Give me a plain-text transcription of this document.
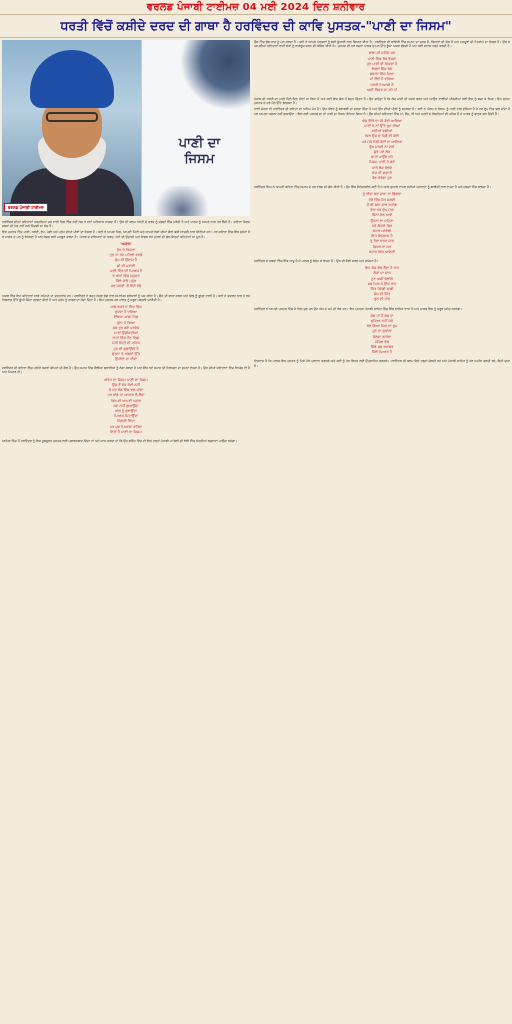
ਵਰਲਡ ਪੰਜਾਬੀ ਟਾਈਮਜ਼ 04 ਮਈ 2024 ਦਿਨ ਸ਼ਨੀਵਾਰ
ਧਰਤੀ ਵਿੱਚੋਂ ਕਸ਼ੀਦੇ ਦਰਦ ਦੀ ਗਾਥਾ ਹੈ ਹਰਵਿੰਦਰ ਦੀ ਕਾਵਿ ਪੁਸਤਕ-"ਪਾਣੀ ਦਾ ਜਿਸਮ"
ਵਰਲਡ ਪੰਜਾਬੀ ਟਾਈਮਜ਼
ਪਾਣੀ ਦਾ
ਜਿਸਮ

ਹਰਵਿੰਦਰ ਦੀਆਂ ਕਵਿਤਾਵਾਂ ਪੜ੍ਹਦਿਆਂ ਹਰ ਵਾਰੀ ਦਿਲ ਵਿੱਚ ਨਵੀਂ ਸੋਚ ਤੇ ਨਵਾਂ ਅਹਿਸਾਸ ਜਾਗਦਾ ਹੈ। ਉਸ ਦੀ ਕਲਮ ਧਰਤੀ ਦੇ ਦਰਦ ਨੂੰ ਸ਼ਬਦਾਂ ਵਿੱਚ ਪਰੋਂਦੀ ਹੈ ਅਤੇ ਪਾਠਕ ਨੂੰ ਆਪਣੇ ਨਾਲ ਤੋਰ ਲੈਂਦੀ ਹੈ। ਕਵਿਤਾ ਸਿਰਫ਼ ਸ਼ਬਦਾਂ ਦੀ ਖੇਡ ਨਹੀਂ ਸਗੋਂ ਜ਼ਿੰਦਗੀ ਦਾ ਸੱਚ ਹੈ।

ਇਸ ਪੁਸਤਕ ਵਿੱਚ ਪਾਣੀ, ਧਰਤੀ, ਰੁੱਖ, ਪੰਛੀ ਅਤੇ ਮਨੁੱਖ ਦੀਆਂ ਪੀੜਾਂ ਦਾ ਜ਼ਿਕਰ ਹੈ। ਕਵੀ ਨੇ ਆਪਣੇ ਪਿੰਡ, ਆਪਣੀ ਮਿੱਟੀ ਅਤੇ ਆਪਣੇ ਲੋਕਾਂ ਦੀਆਂ ਗੱਲਾਂ ਬੜੀ ਸਾਦਗੀ ਨਾਲ ਕੀਤੀਆਂ ਹਨ। ਹਰ ਕਵਿਤਾ ਵਿੱਚ ਇੱਕ ਸੁਨੇਹਾ ਹੈ ਜੋ ਪਾਠਕ ਦੇ ਮਨ ਨੂੰ ਝੰਜੋੜਦਾ ਹੈ ਅਤੇ ਸੋਚਣ ਲਈ ਮਜਬੂਰ ਕਰਦਾ ਹੈ। ਪੰਜਾਬ ਦੇ ਦਰਿਆਵਾਂ ਦਾ ਦਰਦ, ਖੇਤਾਂ ਦੀ ਉਦਾਸੀ ਅਤੇ ਵਿਛੜ ਰਹੇ ਪੁੱਤਰਾਂ ਦੀ ਗੱਲ ਇਨ੍ਹਾਂ ਕਵਿਤਾਵਾਂ ਦਾ ਮੂਲ ਹੈ।

'ਅਕਾਲ'
ਰੁੱਖ ਤੇ ਰਿਸ਼ਤਾ
ਹੁਣ ਨਾ ਰਹੇ ਪਹਿਲਾਂ ਵਰਗੇ
ਧੁੱਪ ਵੀ ਉਦਾਸ ਹੈ
ਛਾਂ ਵੀ ਪਰਾਈ
ਪਾਣੀ ਵਿੱਚ ਵੀ ਪਿਆਸ ਹੈ
ਤੇ ਅੱਖਾਂ ਵਿੱਚ ਸਮੁੰਦਰ
ਕਿੱਥੇ ਜਾਵੇ ਮਨੁੱਖ
ਜਦ ਧਰਤੀ ਹੀ ਰੋਂਦੀ ਹੋਵੇ

ਅਸਲ ਵਿੱਚ ਇਹ ਕਵਿਤਾਵਾਂ ਸਾਡੇ ਸਮਿਆਂ ਦਾ ਦਸਤਾਵੇਜ਼ ਹਨ। ਹਰਵਿੰਦਰ ਨੇ ਬਹੁਤ ਸੋਹਣੇ ਢੰਗ ਨਾਲ ਸਮਾਜਿਕ ਸਰੋਕਾਰਾਂ ਨੂੰ ਪੇਸ਼ ਕੀਤਾ ਹੈ। ਉਸ ਦੀ ਭਾਸ਼ਾ ਸਰਲ ਅਤੇ ਦਿਲ ਨੂੰ ਛੂਹਣ ਵਾਲੀ ਹੈ। ਕਵੀ ਨੇ ਕੁਦਰਤ ਨਾਲ ਹੋ ਰਹੇ ਖਿਲਵਾੜ ਉੱਤੇ ਡੂੰਘੀ ਚਿੰਤਾ ਪ੍ਰਗਟ ਕੀਤੀ ਹੈ ਅਤੇ ਮਨੁੱਖ ਨੂੰ ਜਾਗਣ ਦਾ ਸੱਦਾ ਦਿੱਤਾ ਹੈ। ਇਹ ਪੁਸਤਕ ਹਰ ਪਾਠਕ ਨੂੰ ਜ਼ਰੂਰ ਪੜ੍ਹਨੀ ਚਾਹੀਦੀ ਹੈ।

ਸਾਡੇ ਰਸਤੇ ਦੇ ਵਿੱਚ ਵਿੱਚ
ਰੁਕਦਾ ਹੈ ਦਰਿਆ
ਵੇਖਿਆ ਸਾਡਾ ਪਿੰਡ
ਸੁੰਨਾ ਹੋ ਗਿਆ
ਸਭ ਤੁਰ ਗਏ ਪਰਦੇਸ
ਮਾਵਾਂ ਉਡੀਕਦੀਆਂ
ਰਾਹਾਂ ਵਿੱਚ ਨੈਣ ਵਿਛਾ
ਮੇਰੀ ਮਿੱਟੀ ਦੀ ਮਹਿਕ
ਹੁਣ ਵੀ ਬੁਲਾਉਂਦੀ ਹੈ
ਚੇਤਨਾ ਦੇ ਅੰਬਰਾਂ ਉੱਤੇ
ਉਮੀਦਾਂ ਦਾ ਦੀਵਾ

ਹਰਵਿੰਦਰ ਦੀ ਕਵਿਤਾ ਵਿੱਚ ਮਨੁੱਖੀ ਕਦਰਾਂ ਕੀਮਤਾਂ ਦੀ ਗੱਲ ਹੈ। ਉਹ ਸਮਾਜ ਵਿੱਚ ਫੈਲੀਆਂ ਬੁਰਾਈਆਂ ਨੂੰ ਨੰਗਾ ਕਰਦਾ ਹੈ ਅਤੇ ਇੱਕ ਨਵੇਂ ਸਮਾਜ ਦੀ ਸਿਰਜਣਾ ਦਾ ਸੁਪਨਾ ਵੇਖਦਾ ਹੈ। ਉਸ ਦੀਆਂ ਕਵਿਤਾਵਾਂ ਵਿੱਚ ਵਿਅੰਗ ਵੀ ਹੈ ਅਤੇ ਪਿਆਰ ਵੀ।

ਔਰਤ ਦਾ ਜਿਸਮ ਪਾਣੀ ਦਾ ਜਿਸਮ
ਉਸ ਤੋਂ ਵੱਧ ਕੋਈ ਨਹੀਂ
ਜੋ ਹਰ ਰੰਗ ਵਿੱਚ ਢਲ ਜਾਂਦਾ
ਹਰ ਭਾਂਡੇ ਦਾ ਆਕਾਰ ਲੈ ਲੈਂਦਾ
ਫਿਰ ਵੀ ਆਪਣੀ ਪਛਾਣ
ਕਦੇ ਨਹੀਂ ਗੁਆਉਂਦਾ
ਅੱਗ ਨੂੰ ਬੁਝਾਉਂਦਾ
ਪਿਆਸ ਮਿਟਾਉਂਦਾ
ਜ਼ਿੰਦਗੀ ਦਿੰਦਾ
ਪਰ ਖ਼ੁਦ ਪਿਆਸਾ ਰਹਿੰਦਾ
ਇਹੀ ਹੈ ਪਾਣੀ ਦਾ ਜਿਸਮ

ਆਖ਼ਿਰ ਵਿੱਚ ਮੈਂ ਹਰਵਿੰਦਰ ਨੂੰ ਇਸ ਖ਼ੂਬਸੂਰਤ ਪੁਸਤਕ ਲਈ ਮੁਬਾਰਕਬਾਦ ਦਿੰਦਾ ਹਾਂ ਅਤੇ ਆਸ ਕਰਦਾ ਹਾਂ ਕਿ ਉਹ ਭਵਿੱਖ ਵਿੱਚ ਵੀ ਇਸੇ ਤਰ੍ਹਾਂ ਪੰਜਾਬੀ ਮਾਂ ਬੋਲੀ ਦੀ ਝੋਲੀ ਵਿੱਚ ਸੋਹਣੀਆਂ ਰਚਨਾਵਾਂ ਪਾਉਂਦਾ ਰਹੇਗਾ।

ਉਸ ਵਿੱਚ ਡੁੱਬ ਜਾਣ ਨੂੰ ਮਨ ਕਰਦਾ ਹੈ। ਕਵੀ ਨੇ ਆਪਣੇ ਅਨੁਭਵਾਂ ਨੂੰ ਬੜੀ ਡੂੰਘਾਈ ਨਾਲ ਬਿਆਨ ਕੀਤਾ ਹੈ। ਹਰਵਿੰਦਰ ਦੀ ਸ਼ਾਇਰੀ ਵਿੱਚ ਸਮਾਜ ਦਾ ਦਰਦ ਹੈ, ਕਿਸਾਨਾਂ ਦੀ ਗੱਲ ਹੈ ਅਤੇ ਮਜ਼ਦੂਰਾਂ ਦੀ ਮਿਹਨਤ ਦਾ ਜ਼ਿਕਰ ਹੈ। ਉਸ ਨੇ ਆਪਣੀਆਂ ਕਵਿਤਾਵਾਂ ਰਾਹੀਂ ਲੋਕਾਂ ਨੂੰ ਜਾਗਰੂਕ ਕਰਨ ਦੀ ਕੋਸ਼ਿਸ਼ ਕੀਤੀ ਹੈ। ਪੁਸਤਕ ਦੀ ਹਰ ਰਚਨਾ ਪਾਠਕ ਦੇ ਮਨ ਉੱਤੇ ਡੂੰਘਾ ਅਸਰ ਛੱਡਦੀ ਹੈ ਅਤੇ ਕਈ ਸਵਾਲ ਖੜ੍ਹੇ ਕਰਦੀ ਹੈ।

ਬਾਬਾ ਜੀ ਕਹਿੰਦੇ ਸਨ
ਪਾਣੀ ਵਿੱਚ ਰੱਬ ਵੱਸਦਾ
ਹੁਣ ਪਾਣੀ ਵੀ ਵਿਕਦਾ ਹੈ
ਬੋਤਲਾਂ ਵਿੱਚ ਬੰਦ
ਬਜ਼ਾਰਾਂ ਵਿੱਚ ਪਿਆ
ਮਾਂ ਰੋਂਦੀ ਹੈ ਦਰਿਆ
ਧਰਤੀ ਪਿਆਸੀ ਹੈ
ਅਸੀਂ ਕਿੱਧਰ ਜਾ ਰਹੇ ਹਾਂ

ਪੰਜਾਬ ਦੀ ਧਰਤੀ ਦਾ ਪਾਣੀ ਦਿਨੋ-ਦਿਨ ਨੀਵਾਂ ਜਾ ਰਿਹਾ ਹੈ ਅਤੇ ਕਵੀ ਇਸ ਗੱਲ ਤੋਂ ਬਹੁਤ ਚਿੰਤਤ ਹੈ। ਉਹ ਚਾਹੁੰਦਾ ਹੈ ਕਿ ਲੋਕ ਪਾਣੀ ਦੀ ਕਦਰ ਕਰਨ ਅਤੇ ਆਉਣ ਵਾਲੀਆਂ ਪੀੜ੍ਹੀਆਂ ਲਈ ਇਸ ਨੂੰ ਬਚਾ ਕੇ ਰੱਖਣ। ਇਹ ਸੁਨੇਹਾ ਪੁਸਤਕ ਦੇ ਹਰ ਪੰਨੇ ਉੱਤੇ ਝਲਕਦਾ ਹੈ।

ਨਾਰੀ ਚੇਤਨਾ ਵੀ ਹਰਵਿੰਦਰ ਦੀ ਕਵਿਤਾ ਦਾ ਅਹਿਮ ਪੱਖ ਹੈ। ਉਹ ਔਰਤ ਨੂੰ ਬਰਾਬਰੀ ਦਾ ਦਰਜਾ ਦਿੰਦਾ ਹੈ ਅਤੇ ਉਸ ਦੀਆਂ ਪੀੜਾਂ ਨੂੰ ਸਮਝਦਾ ਹੈ। ਕਵੀ ਨੇ ਔਰਤ ਦੇ ਜਿਸਮ ਨੂੰ ਪਾਣੀ ਵਾਂਗ ਦੱਸਿਆ ਹੈ ਜੋ ਹਰ ਰੂਪ ਵਿੱਚ ਢਲ ਜਾਂਦਾ ਹੈ ਪਰ ਆਪਣਾ ਅਸਲਾ ਨਹੀਂ ਗੁਆਉਂਦਾ। ਇਸੇ ਲਈ ਪੁਸਤਕ ਦਾ ਨਾਂ ਪਾਣੀ ਦਾ ਜਿਸਮ ਰੱਖਿਆ ਗਿਆ ਹੈ। ਉਸ ਦੀਆਂ ਕਵਿਤਾਵਾਂ ਵਿੱਚ ਮਾਂ, ਭੈਣ, ਧੀ ਅਤੇ ਪਤਨੀ ਦੇ ਰਿਸ਼ਤਿਆਂ ਦੀ ਮਹਿਕ ਹੈ ਜੋ ਪਾਠਕ ਨੂੰ ਭਾਵੁਕ ਕਰ ਦਿੰਦੀ ਹੈ।

ਐਸ ਇੱਕੋ ਦਾ ਵੀ ਕੋਈ ਆਇਆ
ਪਾਣੀ ਦੇ ਨਾਂ ਉੱਤੇ ਖੂਨ ਦੀਆਂ
ਨਦੀਆਂ ਵਗੀਆਂ
ਫਿਰ ਉਸ ਦੇ ਪਿੰਡੋਂ ਵੀ ਕੋਈ
ਪਰ ਮੇਰੇ ਪਿੰਡੋਂ ਕੋਈ ਨਾ ਆਇਆ
ਭੁੱਖ ਮਰਦੀ ਨਾ ਦੇਖੀ
ਸੁੱਤੇ ਪਏ ਲੋਕ
ਬਾਤਾਂ ਪਾਉਂਦੇ ਰਹੇ
ਜਿਸਮ ਪਾਣੀ ਹੋ ਗਏ
ਸਾਰੇ ਲੋਕ ਬੋਲਦੇ
ਸੱਚ ਦੀ ਗਵਾਹੀ
ਕੌਣ ਦੇਵੇਗਾ ਹੁਣ

ਹਰਵਿੰਦਰ ਸਿੰਘ ਨੇ ਆਪਣੀ ਕਵਿਤਾ ਵਿੱਚ ਸਮਾਜ ਦੇ ਹਰ ਵਰਗ ਦੀ ਗੱਲ ਕੀਤੀ ਹੈ। ਉਹ ਇੱਕ ਸੰਵੇਦਨਸ਼ੀਲ ਕਵੀ ਹੈ ਜੋ ਆਲੇ ਦੁਆਲੇ ਵਾਪਰ ਰਹੀਆਂ ਘਟਨਾਵਾਂ ਨੂੰ ਬਾਰੀਕੀ ਨਾਲ ਵੇਖਦਾ ਹੈ ਅਤੇ ਸ਼ਬਦਾਂ ਵਿੱਚ ਢਾਲਦਾ ਹੈ।

ਤੂੰ ਦੀਵਾ ਬਣ ਜਾਣਾ ਨਾ ਡਿੱਗਣਾ
ਤੇਰੇ ਵਿੱਚ ਜੋਤ ਜਗਦੀ
ਮੈਂ ਵੀ ਸਦਾ ਸਾਥ ਰਹਾਂਗਾ
ਤੇਰਾ ਹਰ ਦੁੱਖ ਮੇਰਾ
ਜਿੰਨਾ ਕੋਲ ਆਏ
ਉਹਨਾ ਦਾ ਕਹਿਣਾ
ਮੇਰੇ ਵਿਹੜੇ ਫਿਰ
ਬਹਾਰ ਆਏਗੀ
ਇਹ ਵਿਸ਼ਵਾਸ ਹੈ
ਤੂੰ ਤੇਰਾ ਦਰਦ ਜਾਣ
ਫ਼ਿਕਰ ਨਾ ਕਰ
ਬਹਾਰ ਫਿਰ ਆਏਗੀ

ਹਰਵਿੰਦਰ ਦੇ ਸ਼ਬਦਾਂ ਵਿੱਚ ਇੱਕ ਜਾਦੂ ਹੈ ਜੋ ਪਾਠਕ ਨੂੰ ਬੰਨ੍ਹ ਕੇ ਰੱਖਦਾ ਹੈ। ਉਸ ਦੀ ਸ਼ੈਲੀ ਸਰਲ ਅਤੇ ਸਪੱਸ਼ਟ ਹੈ।

ਇਹ ਸੱਚ ਵੱਲ ਲੈਂਦਾ ਹੈ ਰਾਹ
ਲੋਕਾਂ ਦਾ ਸਾਥ
ਹੁਣ ਅਸੀਂ ਚੱਲਾਂਗੇ
ਸਭ ਮਿਲ ਕੇ ਇੱਕ ਰਾਹ
ਜਿੱਤ ਹੋਵੇਗੀ ਸਾਡੀ
ਸੱਚ ਦੀ ਜਿੱਤ
ਝੂਠ ਦੀ ਹਾਰ

ਹਰਵਿੰਦਰ ਨੇ ਆਪਣੀ ਪੁਸਤਕ ਵਿੱਚ ਜੋ ਵਿਸ਼ੇ ਚੁਣੇ ਹਨ ਉਹ ਅੱਜ ਦੇ ਸਮੇਂ ਦੀ ਲੋੜ ਹਨ। ਇਹ ਪੁਸਤਕ ਪੰਜਾਬੀ ਸਾਹਿਤ ਵਿੱਚ ਇੱਕ ਵਧੀਆ ਵਾਧਾ ਹੈ ਅਤੇ ਪਾਠਕ ਇਸ ਨੂੰ ਜ਼ਰੂਰ ਪਸੰਦ ਕਰਨਗੇ।

ਸੱਚ ਹਾਂ ਮੈਂ ਸੱਚ ਹਾਂ
ਝੁਕਿਆ ਨਹੀਂ ਕਦੇ
ਬਣ ਗਿਆ ਜਿਸ ਦਾ ਰੂਪ
ਹੁਣ ਨਾ ਰੁਕਾਂਗਾ
ਚੱਲਦਾ ਰਹਾਂਗਾ
ਮੰਜ਼ਿਲ ਵੱਲ
ਜਿੱਥੇ ਸਭ ਬਰਾਬਰ
ਜਿੱਥੇ ਪਿਆਰ ਹੈ

ਵਿਸ਼ਵਾਸ ਹੈ ਕਿ ਪਾਠਕ ਇਸ ਪੁਸਤਕ ਨੂੰ ਖਿੜੇ ਮੱਥੇ ਪ੍ਰਵਾਨ ਕਰਨਗੇ ਅਤੇ ਕਵੀ ਨੂੰ ਹੋਰ ਲਿਖਣ ਲਈ ਉਤਸ਼ਾਹਿਤ ਕਰਨਗੇ। ਹਰਵਿੰਦਰ ਦੀ ਕਲਮ ਇਸੇ ਤਰ੍ਹਾਂ ਚੱਲਦੀ ਰਹੇ ਅਤੇ ਪੰਜਾਬੀ ਸਾਹਿਤ ਨੂੰ ਹੋਰ ਅਮੀਰ ਕਰਦੀ ਰਹੇ, ਇਹੀ ਦੁਆ ਹੈ।
